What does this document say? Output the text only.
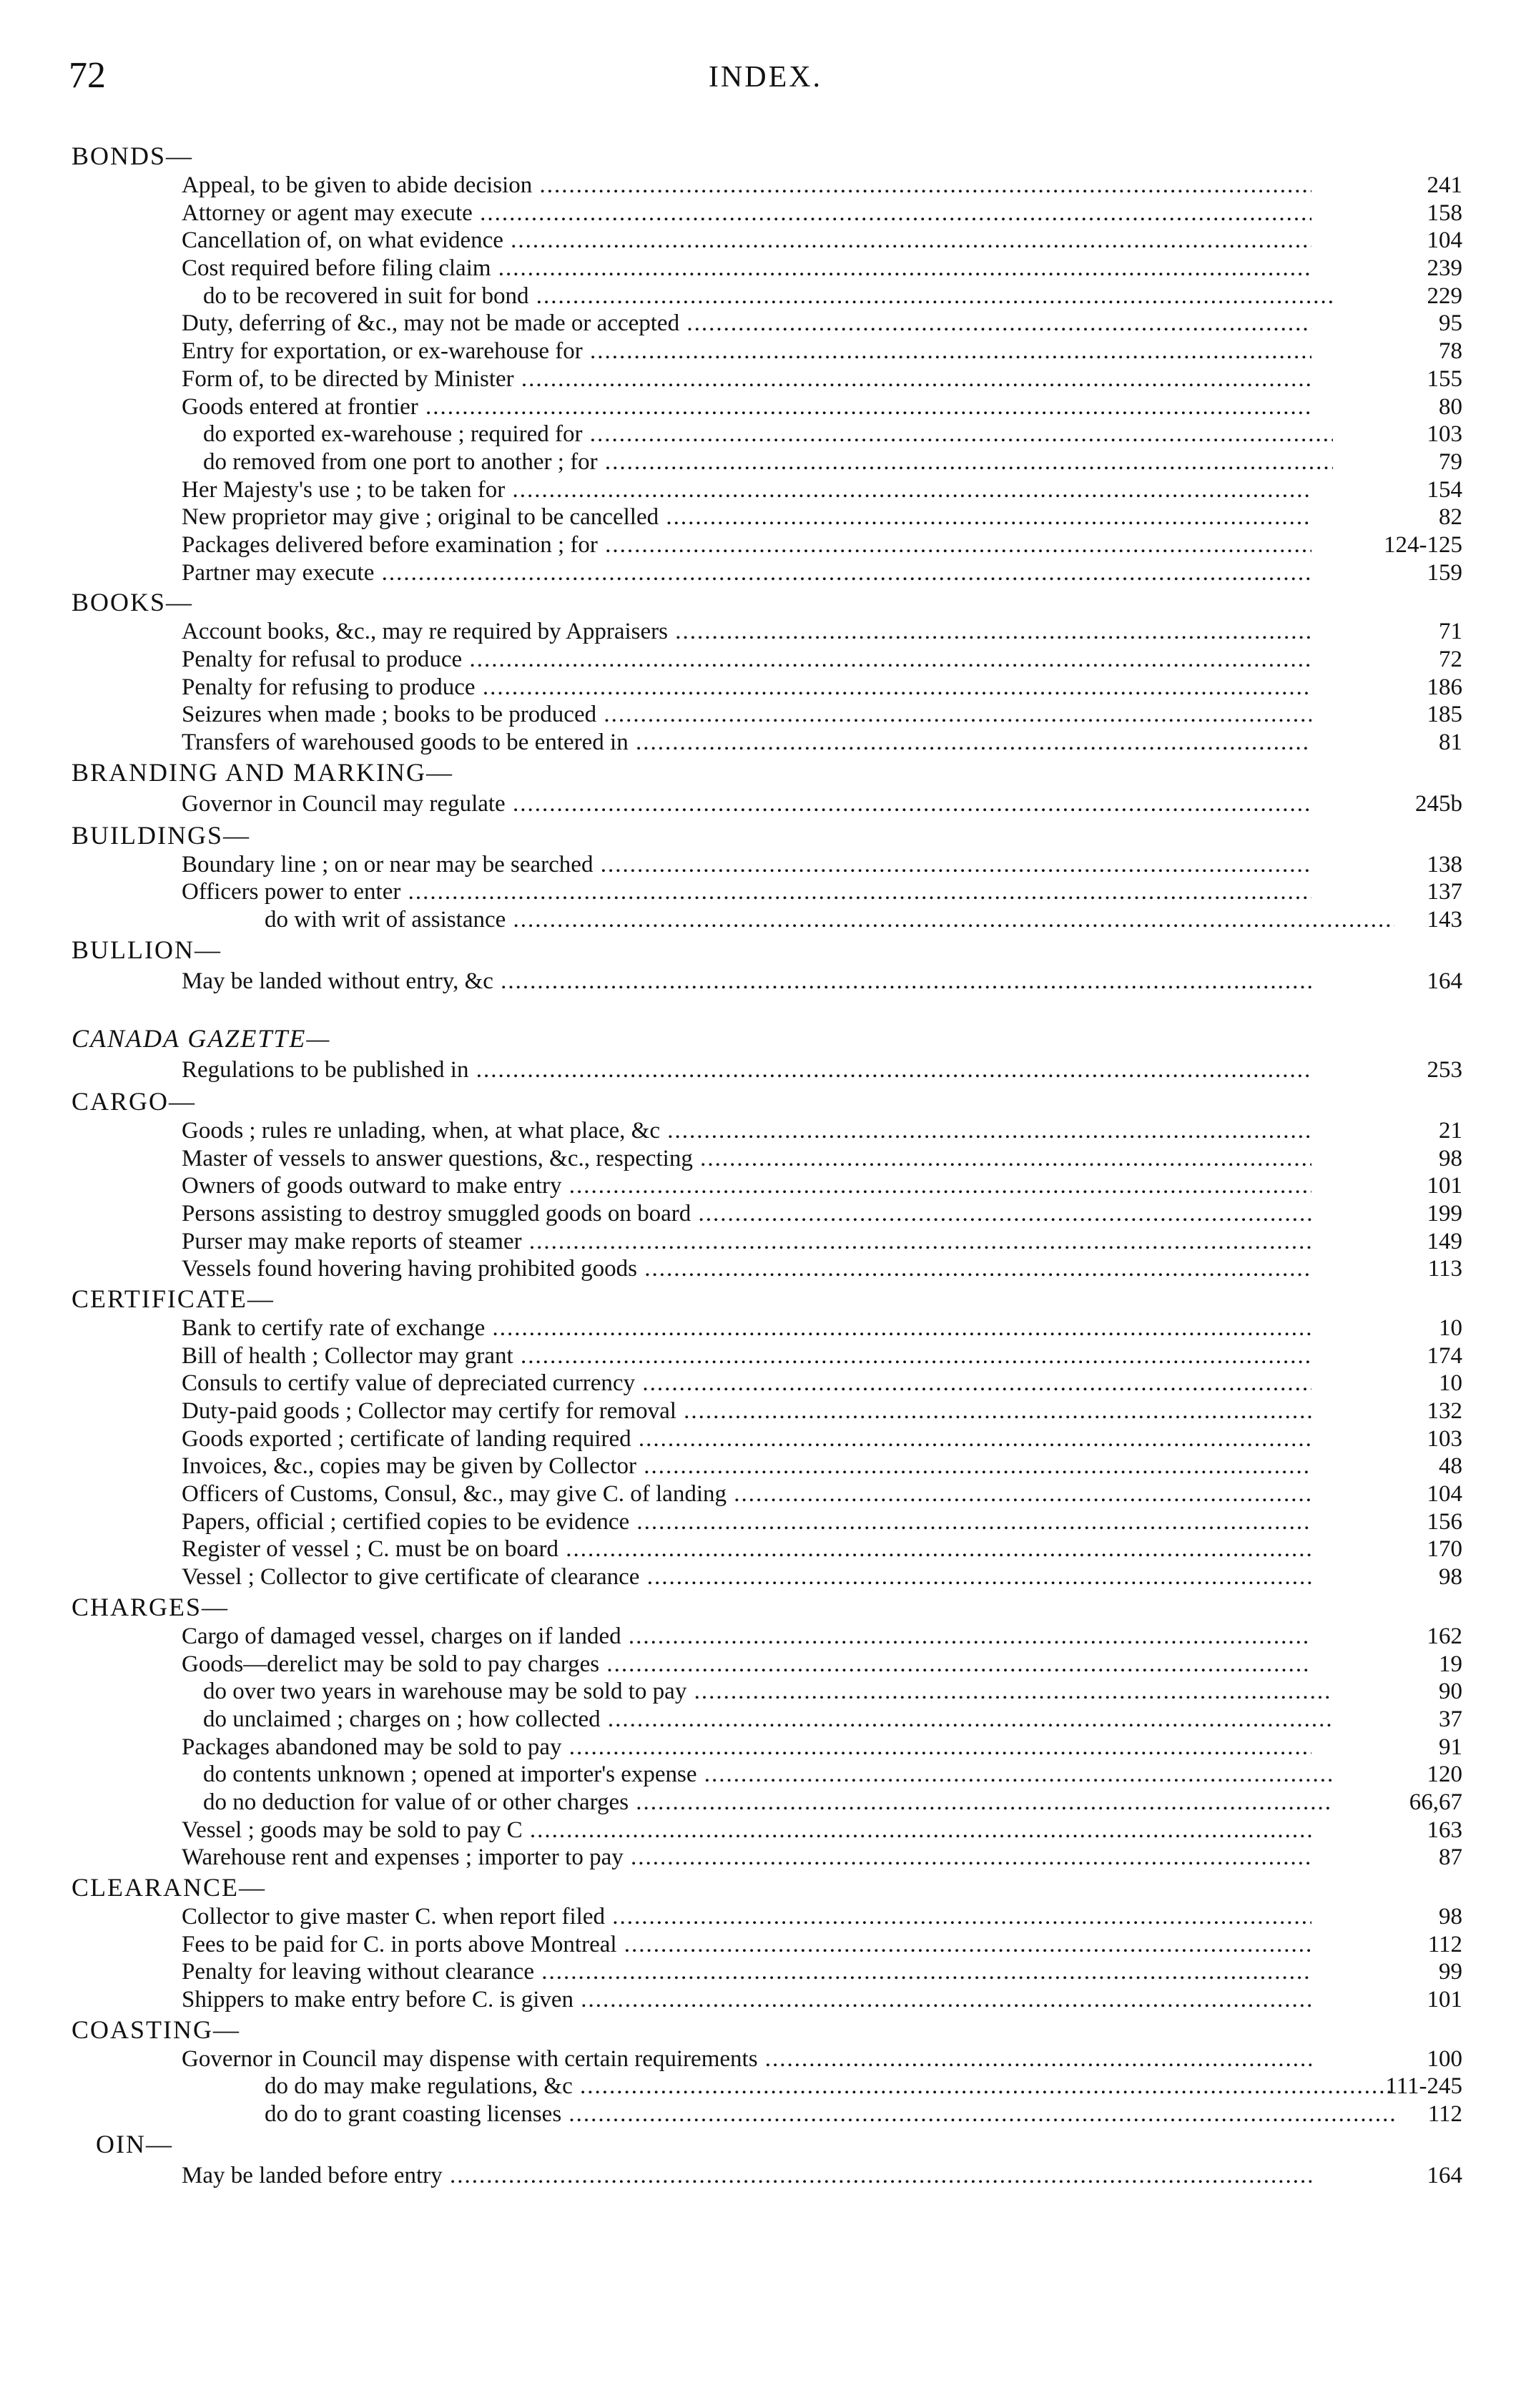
72	INDEX.
BONDS—
Appeal, to be given to abide decision .....	241
Attorney or agent may execute .....	158
Cancellation of, on what evidence .....	104
Cost required before filing claim .....	239
do to be recovered in suit for bond .....	229
Duty, deferring of &c., may not be made or accepted .....	95
Entry for exportation, or ex-warehouse for .....	78
Form of, to be directed by Minister .....	155
Goods entered at frontier .....	80
do exported ex-warehouse ; required for .....	103
do removed from one port to another ; for .....	79
Her Majesty's use ; to be taken for .....	154
New proprietor may give ; original to be cancelled .....	82
Packages delivered before examination ; for .....	124-125
Partner may execute .....	159
BOOKS—
Account books, &c., may re required by Appraisers .....	71
Penalty for refusal to produce .....	72
Penalty for refusing to produce .....	186
Seizures when made ; books to be produced .....	185
Transfers of warehoused goods to be entered in .....	81
BRANDING AND MARKING—
Governor in Council may regulate .....	245b
BUILDINGS—
Boundary line ; on or near may be searched .....	138
Officers power to enter .....	137
do with writ of assistance .....	143
BULLION—
May be landed without entry, &c .....	164
CANADA GAZETTE—
Regulations to be published in .....	253
CARGO—
Goods ; rules re unlading, when, at what place, &c .....	21
Master of vessels to answer questions, &c., respecting .....	98
Owners of goods outward to make entry .....	101
Persons assisting to destroy smuggled goods on board .....	199
Purser may make reports of steamer .....	149
Vessels found hovering having prohibited goods .....	113
CERTIFICATE—
Bank to certify rate of exchange .....	10
Bill of health ; Collector may grant .....	174
Consuls to certify value of depreciated currency .....	10
Duty-paid goods ; Collector may certify for removal .....	132
Goods exported ; certificate of landing required .....	103
Invoices, &c., copies may be given by Collector .....	48
Officers of Customs, Consul, &c., may give C. of landing .....	104
Papers, official ; certified copies to be evidence .....	156
Register of vessel ; C. must be on board .....	170
Vessel ; Collector to give certificate of clearance .....	98
CHARGES—
Cargo of damaged vessel, charges on if landed .....	162
Goods—derelict may be sold to pay charges .....	19
do over two years in warehouse may be sold to pay .....	90
do unclaimed ; charges on ; how collected .....	37
Packages abandoned may be sold to pay .....	91
do contents unknown ; opened at importer's expense .....	120
do no deduction for value of or other charges .....	66,67
Vessel ; goods may be sold to pay C .....	163
Warehouse rent and expenses ; importer to pay .....	87
CLEARANCE—
Collector to give master C. when report filed .....	98
Fees to be paid for C. in ports above Montreal .....	112
Penalty for leaving without clearance .....	99
Shippers to make entry before C. is given .....	101
COASTING—
Governor in Council may dispense with certain requirements .....	100
do do may make regulations, &c .....	111-245
do do to grant coasting licenses .....	112
OIN—
May be landed before entry .....	164
